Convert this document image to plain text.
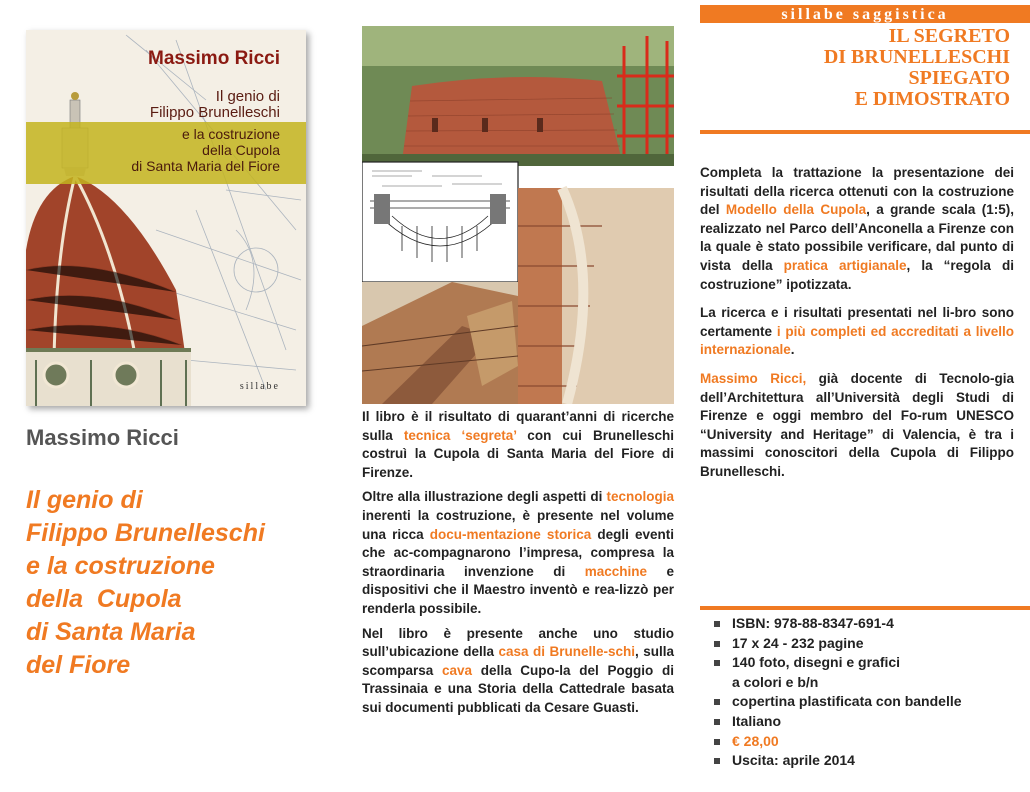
Massimo Ricci
Il genio di
Filippo Brunelleschi
e la costruzione
della Cupola
di Santa Maria del Fiore
sillabe
Massimo Ricci
Il genio di
Filippo Brunelleschi
e la costruzione
della  Cupola
di Santa Maria
del Fiore

Il libro è il risultato di quarant’anni di ricerche sulla tecnica ‘segreta’ con cui Brunelleschi costruì la Cupola di Santa Maria del Fiore di Firenze.

Oltre alla illustrazione degli aspetti di tecnologia inerenti la costruzione, è presente nel volume una ricca docu-mentazione storica degli eventi che ac-compagnarono l’impresa, compresa la straordinaria invenzione di macchine e dispositivi che il Maestro inventò e rea-lizzò per renderla possibile.

Nel libro è presente anche uno studio sull’ubicazione della casa di Brunelle-schi, sulla scomparsa cava della Cupo-la del Poggio di Trassinaia e una Storia della Cattedrale basata sui documenti pubblicati da Cesare Guasti.

sillabe saggistica
IL SEGRETO
DI BRUNELLESCHI
SPIEGATO
E DIMOSTRATO

Completa la trattazione la presentazione dei risultati della ricerca ottenuti con la costruzione del Modello della Cupola, a grande scala (1:5), realizzato nel Parco dell’Anconella a Firenze con la quale è stato possibile verificare, dal punto di vista della pratica artigianale, la “regola di costruzione” ipotizzata.

La ricerca e i risultati presentati nel li-bro sono certamente i più completi ed accreditati a livello internazionale.

Massimo Ricci, già docente di Tecnolo-gia dell’Architettura all’Università degli Studi di Firenze e oggi membro del Fo-rum UNESCO “University and Heritage” di Valencia, è tra i massimi conoscitori della Cupola di Filippo Brunelleschi.

ISBN: 978-88-8347-691-4
17 x 24 - 232 pagine
140 foto, disegni e grafici
a colori e b/n
copertina plastificata con bandelle
Italiano
€ 28,00
Uscita: aprile 2014
